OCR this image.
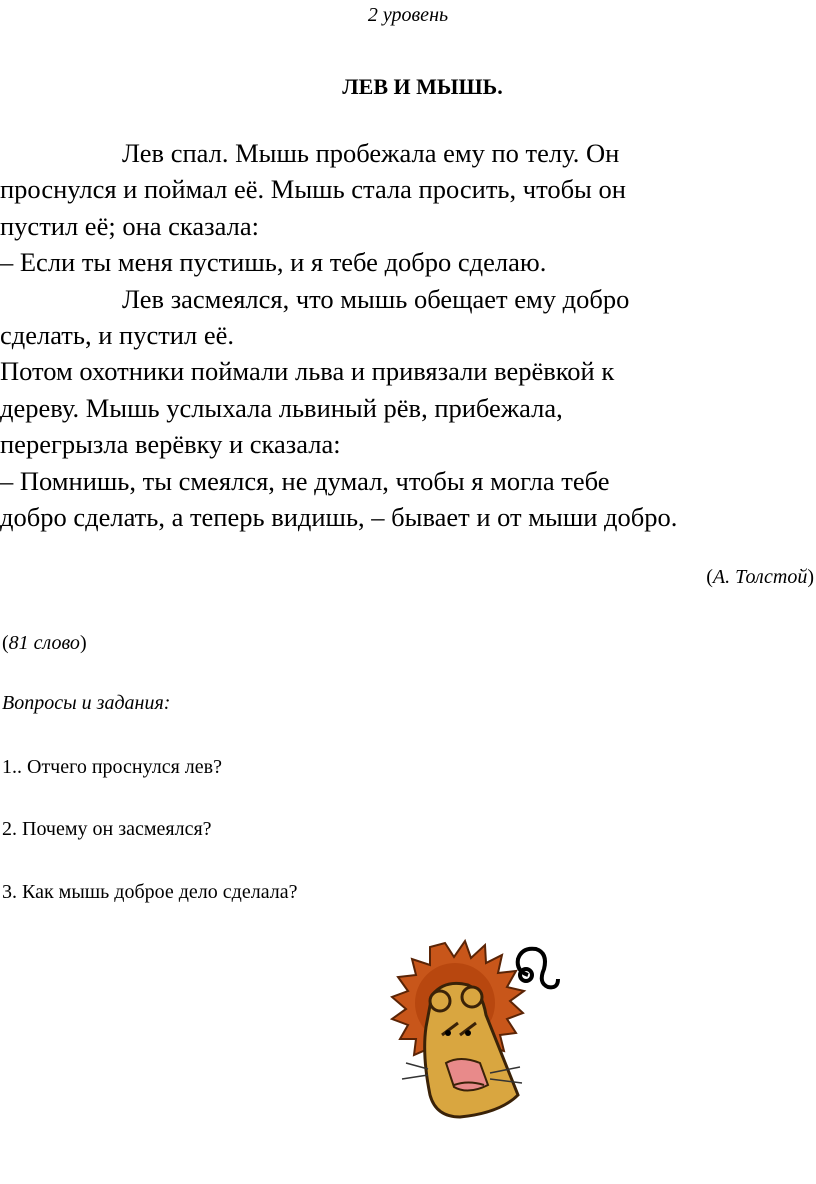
2 уровень
ЛЕВ И МЫШЬ.

Лев спал. Мышь пробежала ему по телу. Он

проснулся и поймал её. Мышь стала просить, чтобы он

пустил её; она сказала:

– Если ты меня пустишь, и я тебе добро сделаю.

Лев засмеялся, что мышь обещает ему добро

сделать, и пустил её.

Потом охотники поймали льва и привязали верёвкой к

дереву. Мышь услыхала львиный рёв, прибежала,

перегрызла верёвку и сказала:

– Помнишь, ты смеялся, не думал, чтобы я могла тебе

добро сделать, а теперь видишь, – бывает и от мыши добро.

(А. Толстой)
(81 слово)
Вопросы и задания:
1.. Отчего проснулся лев?
2. Почему он засмеялся?
3. Как мышь доброе дело сделала?
